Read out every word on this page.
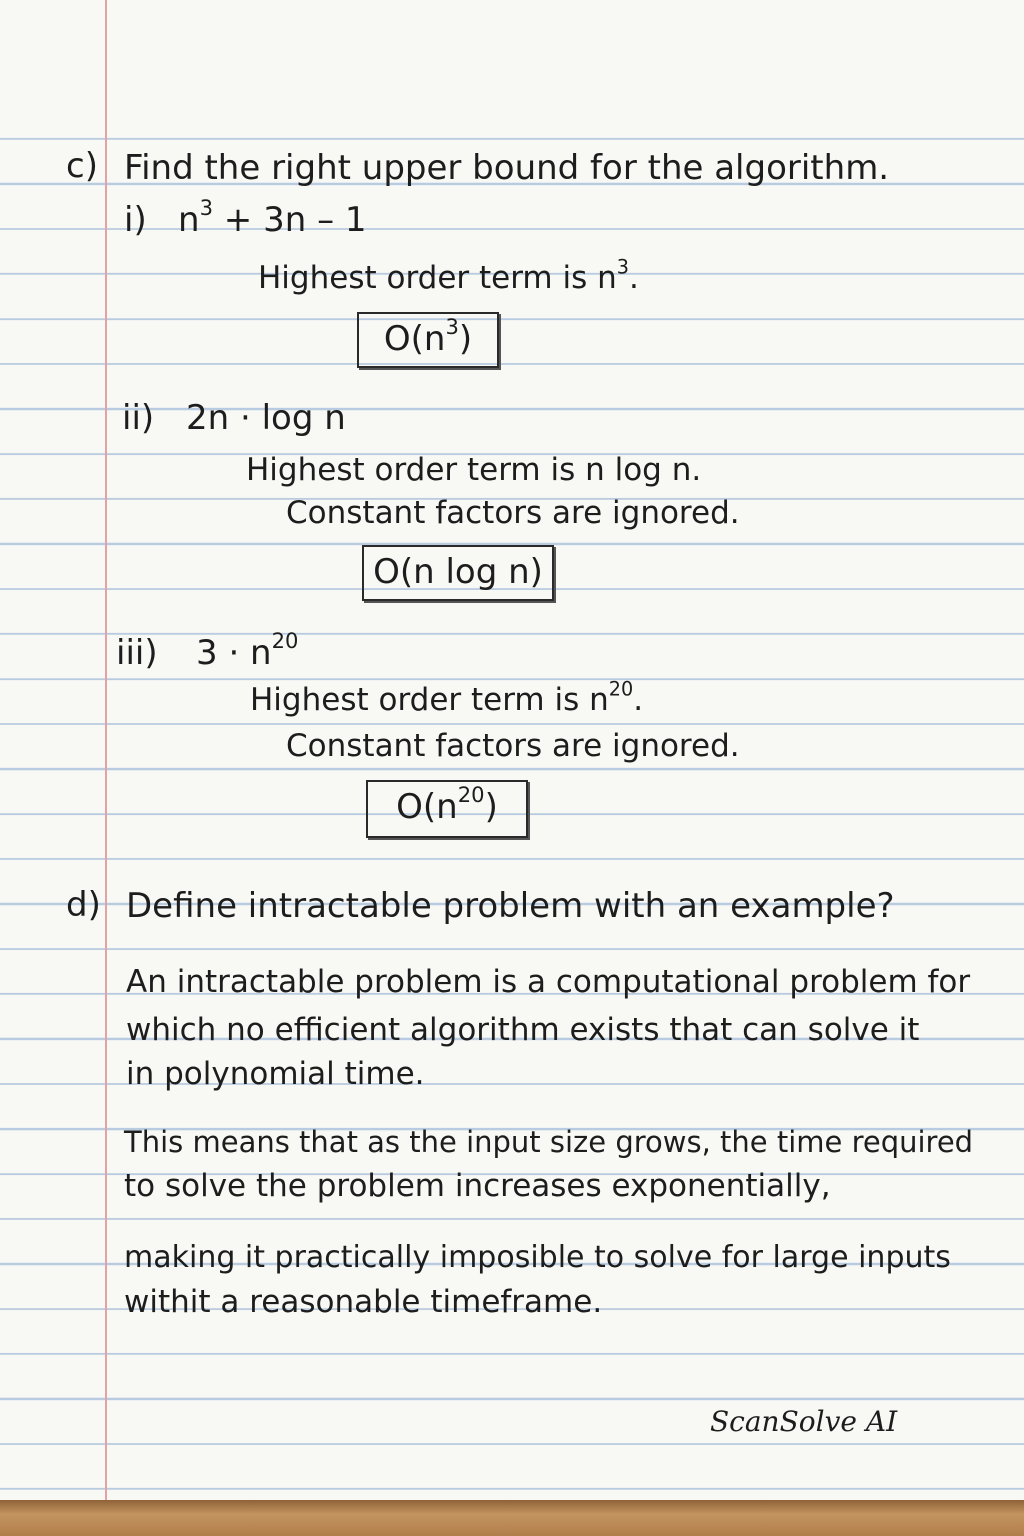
c) Find the right upper bound for the algorithm.
i) $n^3 + 3n - 1$
Highest order term is $n^3$.
$O(n^3)$
ii) 2n · log n
Highest order term is n log n.
Constant factors are ignored.
O(n log n)
iii) $3 \cdot n^{20}$
Highest order term is $n^{20}$.
Constant factors are ignored.
$O(n^{20})$
d) Define intractable problem with an example?
An intractable problem is a computational problem for
which no efficient algorithm exists that can solve it
in polynomial time.
This means that as the input size grows, the time required
to solve the problem increases exponentially,
making it practically imposible to solve for large inputs
withit a reasonable timeframe.
ScanSolve AI
